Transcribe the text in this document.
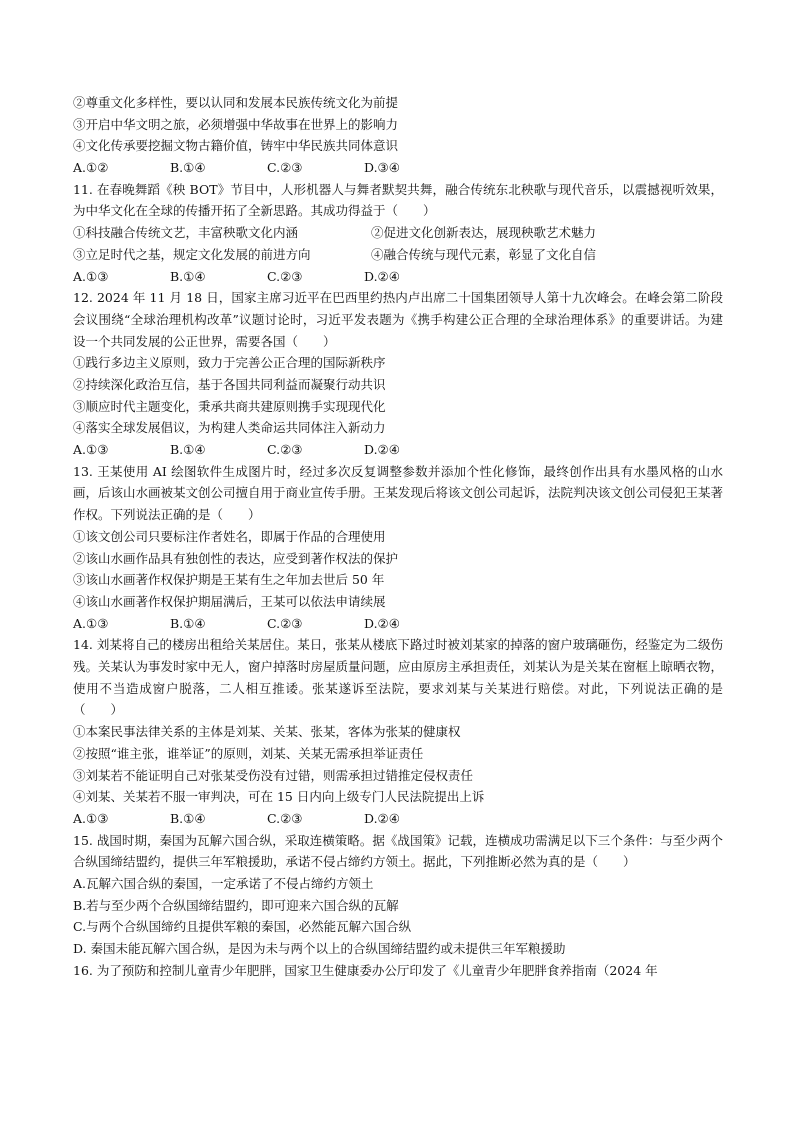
②尊重文化多样性，要以认同和发展本民族传统文化为前提
③开启中华文明之旅，必须增强中华故事在世界上的影响力
④文化传承要挖掘文物古籍价值，铸牢中华民族共同体意识
A.①②	B.①④	C.②③	D.③④
11. 在春晚舞蹈《秧 BOT》节目中，人形机器人与舞者默契共舞，融合传统东北秧歌与现代音乐，以震撼视听效果，为中华文化在全球的传播开拓了全新思路。其成功得益于（　　）
①科技融合传统文艺，丰富秧歌文化内涵	②促进文化创新表达，展现秧歌艺术魅力
③立足时代之基，规定文化发展的前进方向	④融合传统与现代元素，彰显了文化自信
A.①③	B.①④	C.②③	D.②④
12. 2024 年 11 月 18 日，国家主席习近平在巴西里约热内卢出席二十国集团领导人第十九次峰会。在峰会第二阶段会议围绕“全球治理机构改革”议题讨论时，习近平发表题为《携手构建公正合理的全球治理体系》的重要讲话。为建设一个共同发展的公正世界，需要各国（　　）
①践行多边主义原则，致力于完善公正合理的国际新秩序
②持续深化政治互信，基于各国共同利益而凝聚行动共识
③顺应时代主题变化，秉承共商共建原则携手实现现代化
④落实全球发展倡议，为构建人类命运共同体注入新动力
A.①③	B.①④	C.②③	D.②④
13. 王某使用 AI 绘图软件生成图片时，经过多次反复调整参数并添加个性化修饰，最终创作出具有水墨风格的山水画，后该山水画被某文创公司擅自用于商业宣传手册。王某发现后将该文创公司起诉，法院判决该文创公司侵犯王某著作权。下列说法正确的是（　　）
①该文创公司只要标注作者姓名，即属于作品的合理使用
②该山水画作品具有独创性的表达，应受到著作权法的保护
③该山水画著作权保护期是王某有生之年加去世后 50 年
④该山水画著作权保护期届满后，王某可以依法申请续展
A.①③	B.①④	C.②③	D.②④
14. 刘某将自己的楼房出租给关某居住。某日，张某从楼底下路过时被刘某家的掉落的窗户玻璃砸伤，经鉴定为二级伤残。关某认为事发时家中无人，窗户掉落时房屋质量问题，应由原房主承担责任，刘某认为是关某在窗框上晾晒衣物，使用不当造成窗户脱落，二人相互推诿。张某遂诉至法院，要求刘某与关某进行赔偿。对此，下列说法正确的是（　　）
①本案民事法律关系的主体是刘某、关某、张某，客体为张某的健康权
②按照“谁主张，谁举证”的原则，刘某、关某无需承担举证责任
③刘某若不能证明自己对张某受伤没有过错，则需承担过错推定侵权责任
④刘某、关某若不服一审判决，可在 15 日内向上级专门人民法院提出上诉
A.①③	B.①④	C.②③	D.②④
15. 战国时期，秦国为瓦解六国合纵，采取连横策略。据《战国策》记载，连横成功需满足以下三个条件：与至少两个合纵国缔结盟约，提供三年军粮援助，承诺不侵占缔约方领土。据此，下列推断必然为真的是（　　）
A.瓦解六国合纵的秦国，一定承诺了不侵占缔约方领土
B.若与至少两个合纵国缔结盟约，即可迎来六国合纵的瓦解
C.与两个合纵国缔约且提供军粮的秦国，必然能瓦解六国合纵
D. 秦国未能瓦解六国合纵，是因为未与两个以上的合纵国缔结盟约或未提供三年军粮援助
16. 为了预防和控制儿童青少年肥胖，国家卫生健康委办公厅印发了《儿童青少年肥胖食养指南（2024 年
